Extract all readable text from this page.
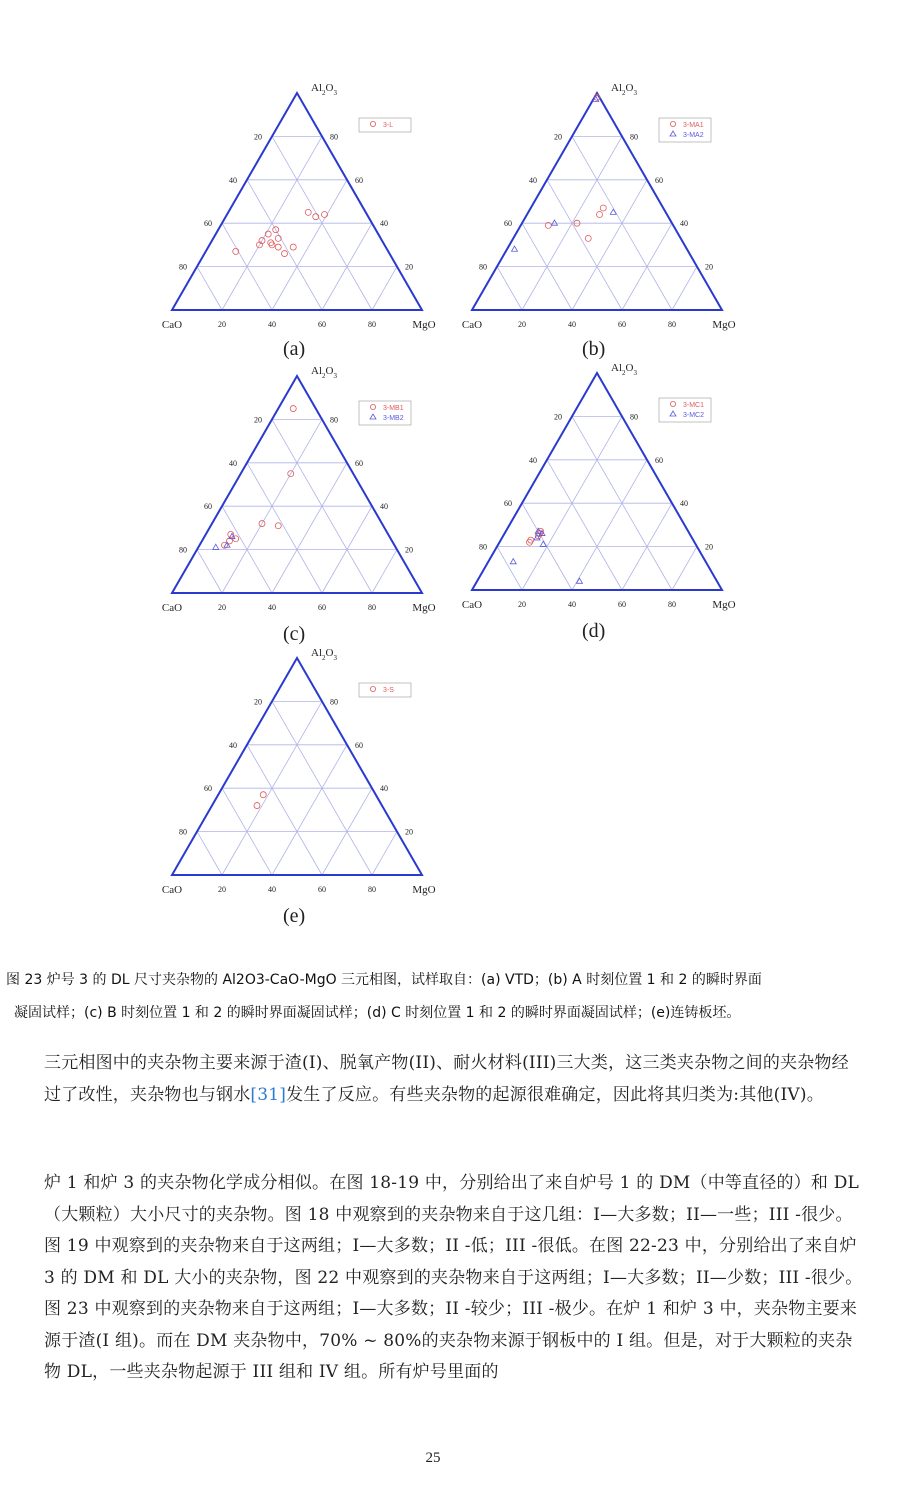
20
20
20
40
40
40
60
60
60
80
80
80
$Al_2O_3$
CaO	MgO
3-L
(a)
20
20
20
40
40
40
60
60
60
80
80
80
$Al_2O_3$
CaO	MgO
3-MA1
3-MA2
(b)
20
20
20
40
40
40
60
60
60
80
80
80
$Al_2O_3$
CaO	MgO
3-MB1
3-MB2
(c)
20
20
20
40
40
40
60
60
60
80
80
80
$Al_2O_3$
CaO	MgO
3-MC1
3-MC2
(d)
20
20
20
40
40
40
60
60
60
80
80
80
$Al_2O_3$
CaO	MgO
3-S
(e)
图 23 炉号 3 的 DL 尺寸夹杂物的 Al2O3-CaO-MgO 三元相图，试样取自：(a) VTD；(b) A 时刻位置 1 和 2 的瞬时界面
凝固试样；(c) B 时刻位置 1 和 2 的瞬时界面凝固试样；(d) C 时刻位置 1 和 2 的瞬时界面凝固试样；(e)连铸板坯。
三元相图中的夹杂物主要来源于渣(I)、脱氧产物(II)、耐火材料(III)三大类，这三类夹杂物之间的夹杂物经过了改性，夹杂物也与钢水[31]发生了反应。有些夹杂物的起源很难确定，因此将其归类为:其他(IV)。
炉 1 和炉 3 的夹杂物化学成分相似。在图 18-19 中，分别给出了来自炉号 1 的 DM（中等直径的）和 DL（大颗粒）大小尺寸的夹杂物。图 18 中观察到的夹杂物来自于这几组：I—大多数；II—一些；III -很少。图 19 中观察到的夹杂物来自于这两组；I—大多数；II -低；III -很低。在图 22-23 中，分别给出了来自炉 3 的 DM 和 DL 大小的夹杂物，图 22 中观察到的夹杂物来自于这两组；I—大多数；II—少数；III -很少。图 23 中观察到的夹杂物来自于这两组；I—大多数；II -较少；III -极少。在炉 1 和炉 3 中，夹杂物主要来源于渣(I 组)。而在 DM 夹杂物中，70% ~ 80%的夹杂物来源于钢板中的 I 组。但是，对于大颗粒的夹杂物 DL，一些夹杂物起源于 III 组和 IV 组。所有炉号里面的
25
